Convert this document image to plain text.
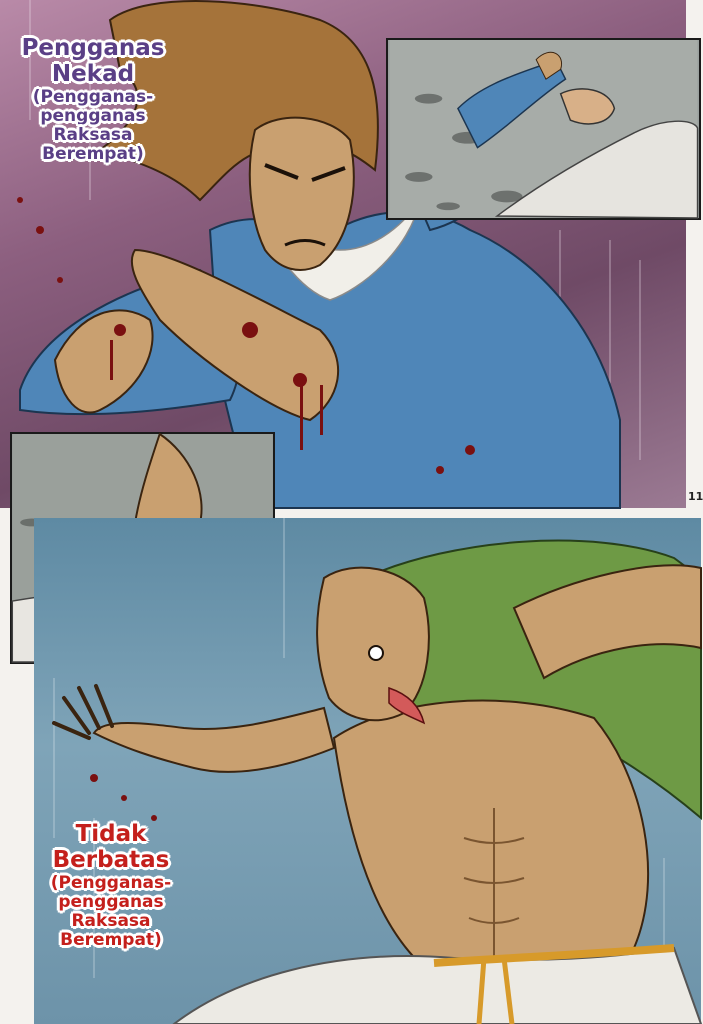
Pengganas
Nekad
(Pengganas-
pengganas
Raksasa
Berempat)
Tidak
Berbatas
(Pengganas-
pengganas
Raksasa
Berempat)
11
